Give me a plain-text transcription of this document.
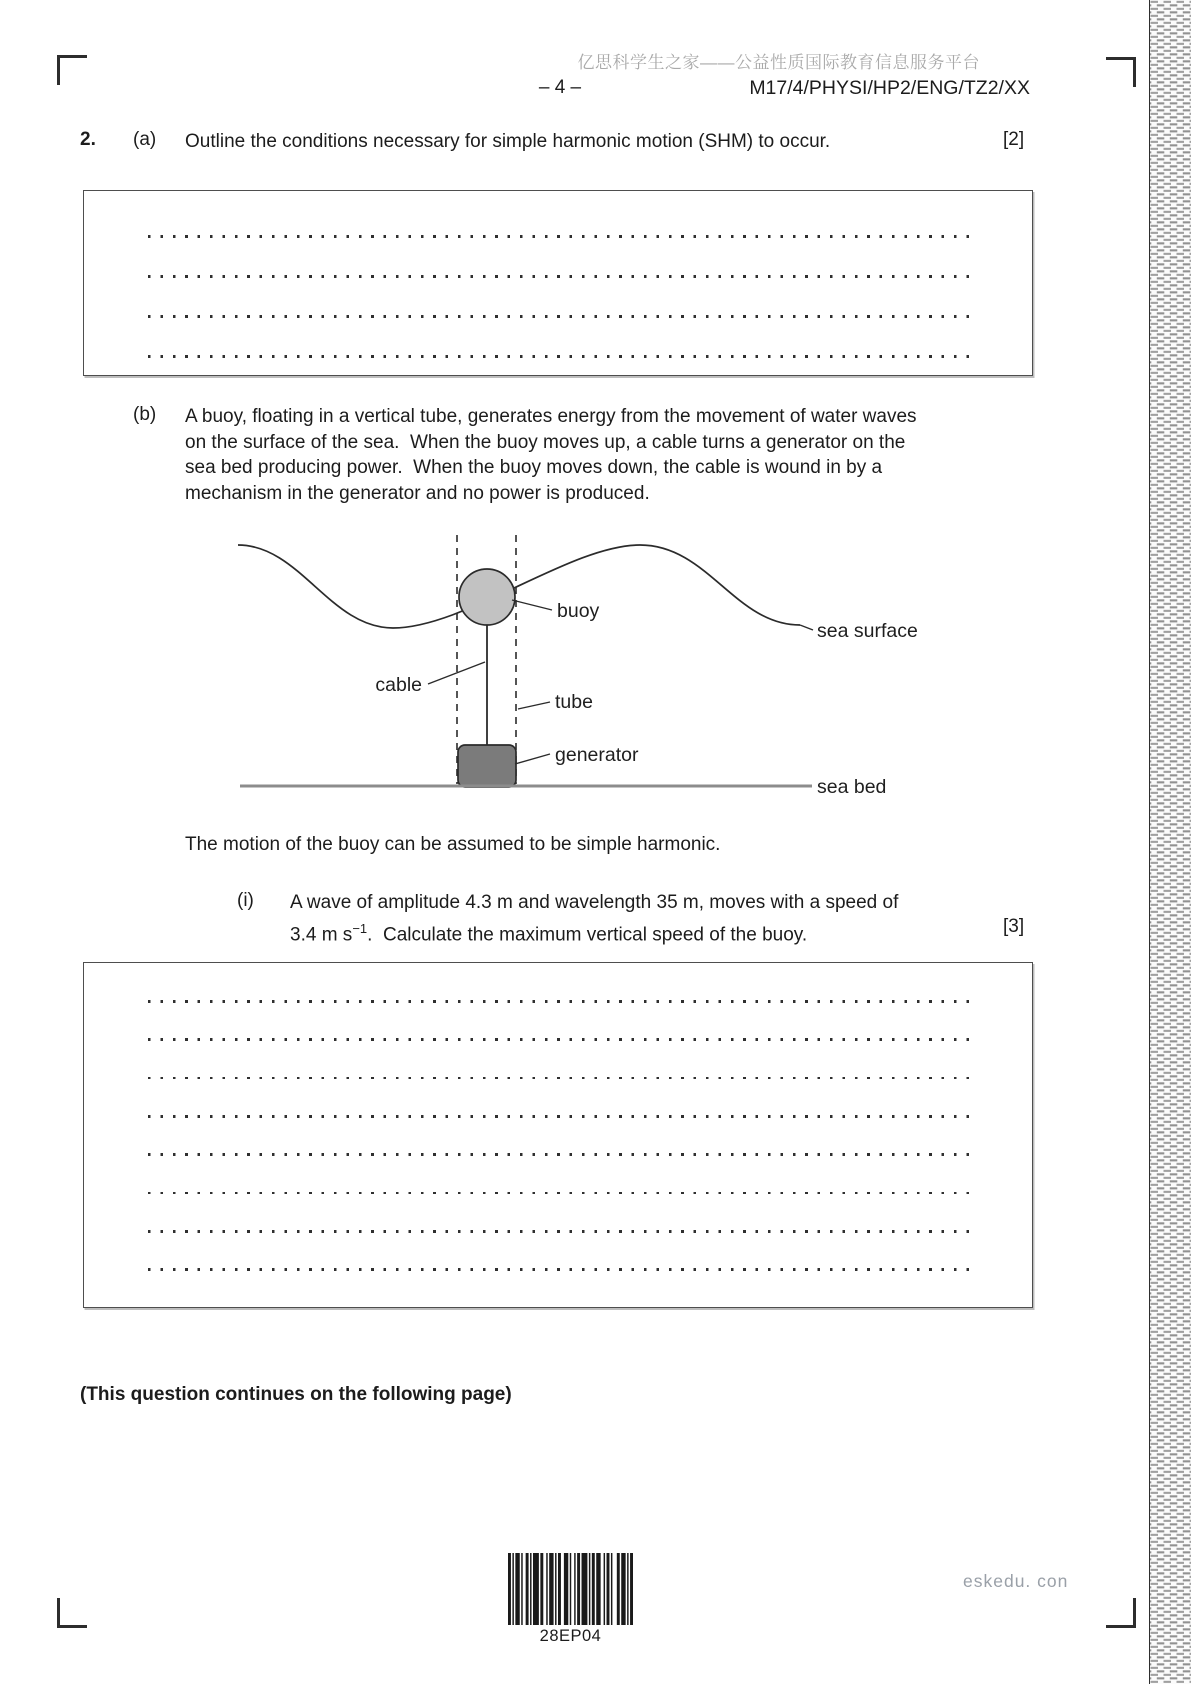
亿思科学生之家——公益性质国际教育信息服务平台
– 4 –	M17/4/PHYSI/HP2/ENG/TZ2/XX
2. (a) Outline the conditions necessary for simple harmonic motion (SHM) to occur.	[2]
(b) A buoy, floating in a vertical tube, generates energy from the movement of water waves
on the surface of the sea.  When the buoy moves up, a cable turns a generator on the
sea bed producing power.  When the buoy moves down, the cable is wound in by a
mechanism in the generator and no power is produced.
buoy
sea surface
cable
tube
generator
sea bed
The motion of the buoy can be assumed to be simple harmonic.
(i) A wave of amplitude 4.3 m and wavelength 35 m, moves with a speed of
3.4 m $s^{-1}$.  Calculate the maximum vertical speed of the buoy.	[3]
(This question continues on the following page)
28EP04
eskedu. con
